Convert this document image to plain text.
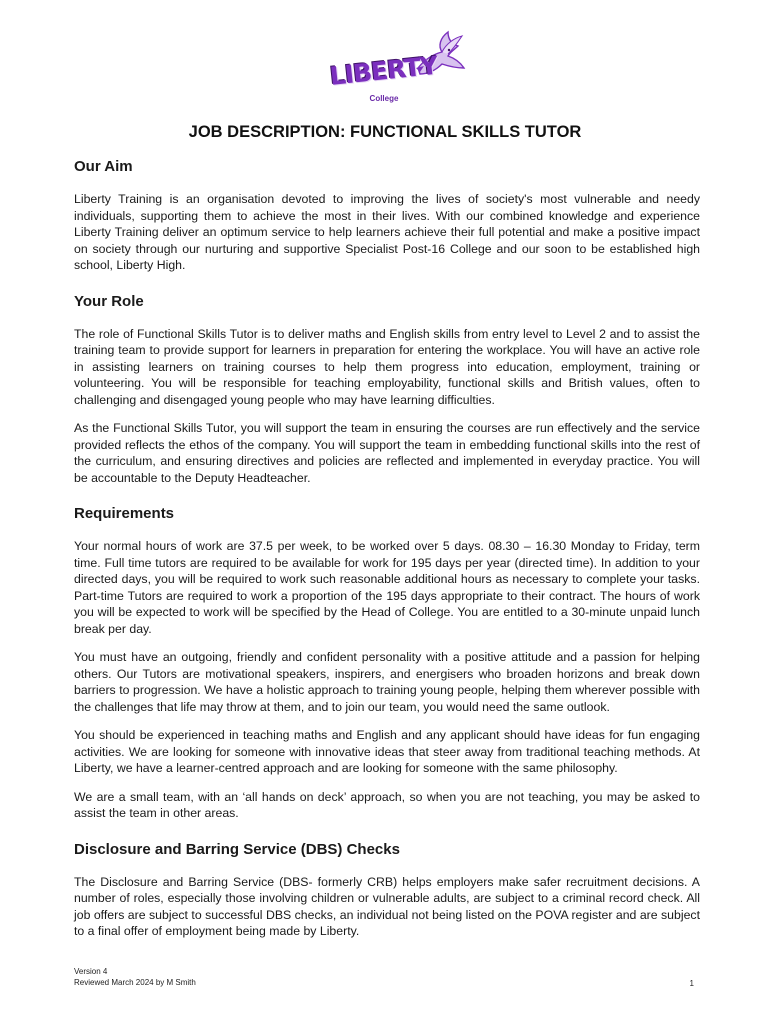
LIBERTY
College
JOB DESCRIPTION: FUNCTIONAL SKILLS TUTOR
Our Aim

Liberty Training is an organisation devoted to improving the lives of society's most vulnerable and needy individuals, supporting them to achieve the most in their lives. With our combined knowledge and experience Liberty Training deliver an optimum service to help learners achieve their full potential and make a positive impact on society through our nurturing and supportive Specialist Post-16 College and our soon to be established high school, Liberty High.

Your Role

The role of Functional Skills Tutor is to deliver maths and English skills from entry level to Level 2 and to assist the training team to provide support for learners in preparation for entering the workplace. You will have an active role in assisting learners on training courses to help them progress into education, employment, training or volunteering. You will be responsible for teaching employability, functional skills and British values, often to challenging and disengaged young people who may have learning difficulties.

As the Functional Skills Tutor, you will support the team in ensuring the courses are run effectively and the service provided reflects the ethos of the company. You will support the team in embedding functional skills into the rest of the curriculum, and ensuring directives and policies are reflected and implemented in everyday practice. You will be accountable to the Deputy Headteacher.

Requirements

Your normal hours of work are 37.5 per week, to be worked over 5 days. 08.30 – 16.30 Monday to Friday, term time. Full time tutors are required to be available for work for 195 days per year (directed time). In addition to your directed days, you will be required to work such reasonable additional hours as necessary to complete your tasks. Part-time Tutors are required to work a proportion of the 195 days appropriate to their contract. The hours of work you will be expected to work will be specified by the Head of College. You are entitled to a 30-minute unpaid lunch break per day.

You must have an outgoing, friendly and confident personality with a positive attitude and a passion for helping others. Our Tutors are motivational speakers, inspirers, and energisers who broaden horizons and break down barriers to progression. We have a holistic approach to training young people, helping them wherever possible with the challenges that life may throw at them, and to join our team, you would need the same outlook.

You should be experienced in teaching maths and English and any applicant should have ideas for fun engaging activities. We are looking for someone with innovative ideas that steer away from traditional teaching methods. At Liberty, we have a learner-centred approach and are looking for someone with the same philosophy.

We are a small team, with an ‘all hands on deck’ approach, so when you are not teaching, you may be asked to assist the team in other areas.

Disclosure and Barring Service (DBS) Checks

The Disclosure and Barring Service (DBS- formerly CRB) helps employers make safer recruitment decisions. A number of roles, especially those involving children or vulnerable adults, are subject to a criminal record check. All job offers are subject to successful DBS checks, an individual not being listed on the POVA register and are subject to a final offer of employment being made by Liberty.

Version 4
Reviewed March 2024 by M Smith	1
